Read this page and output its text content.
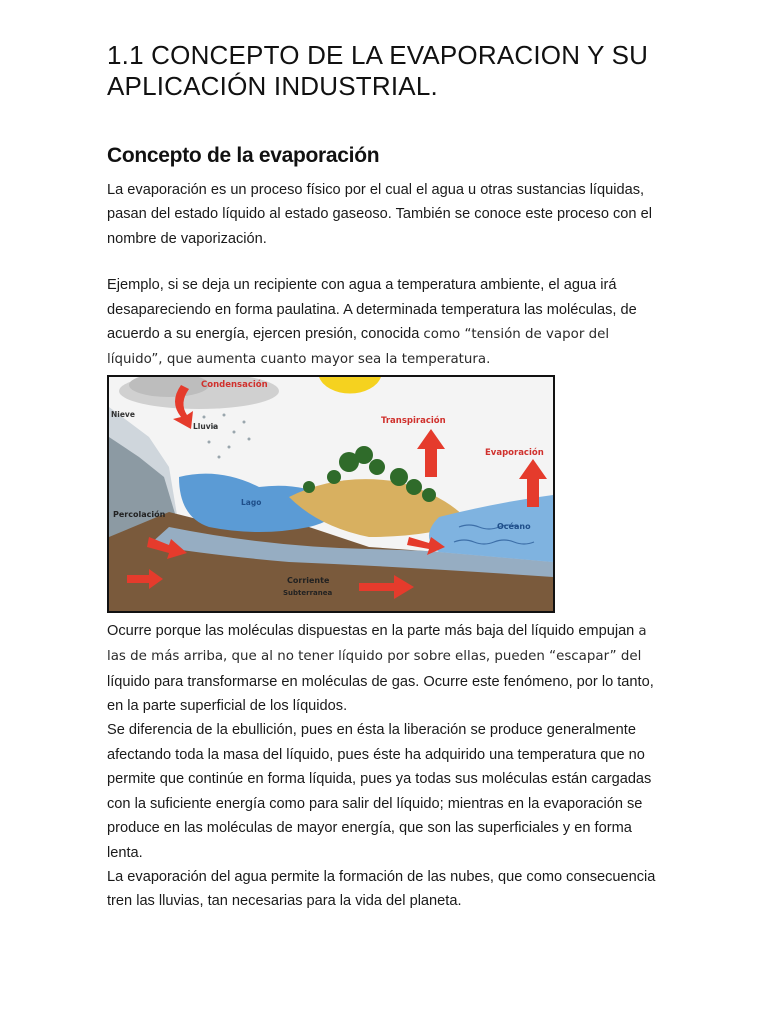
1.1 CONCEPTO DE LA EVAPORACION Y SU APLICACIÓN INDUSTRIAL.
Concepto de la evaporación

La evaporación es un proceso físico por el cual el agua u otras sustancias líquidas, pasan del estado líquido al estado gaseoso. También se conoce este proceso con el nombre de vaporización.

Ejemplo, si se deja un recipiente con agua a temperatura ambiente, el agua irá desapareciendo en forma paulatina. A determinada temperatura las moléculas, de acuerdo a su energía, ejercen presión, conocida como “tensión de vapor del líquido”, que aumenta cuanto mayor sea la temperatura.

Condensación
Nieve
Lluvia
Transpiración
Evaporación
Lago
Percolación
Océano
Corriente
Subterranea

Ocurre porque las moléculas dispuestas en la parte más baja del líquido empujan a las de más arriba, que al no tener líquido por sobre ellas, pueden “escapar” del líquido para transformarse en moléculas de gas. Ocurre este fenómeno, por lo tanto, en la parte superficial de los líquidos.

Se diferencia de la ebullición, pues en ésta la liberación se produce generalmente afectando toda la masa del líquido, pues éste ha adquirido una temperatura que no permite que continúe en forma líquida, pues ya todas sus moléculas están cargadas con la suficiente energía como para salir del líquido; mientras en la evaporación se produce en las moléculas de mayor energía, que son las superficiales y en forma lenta.

La evaporación del agua permite la formación de las nubes, que como consecuencia tren las lluvias, tan necesarias para la vida del planeta.
